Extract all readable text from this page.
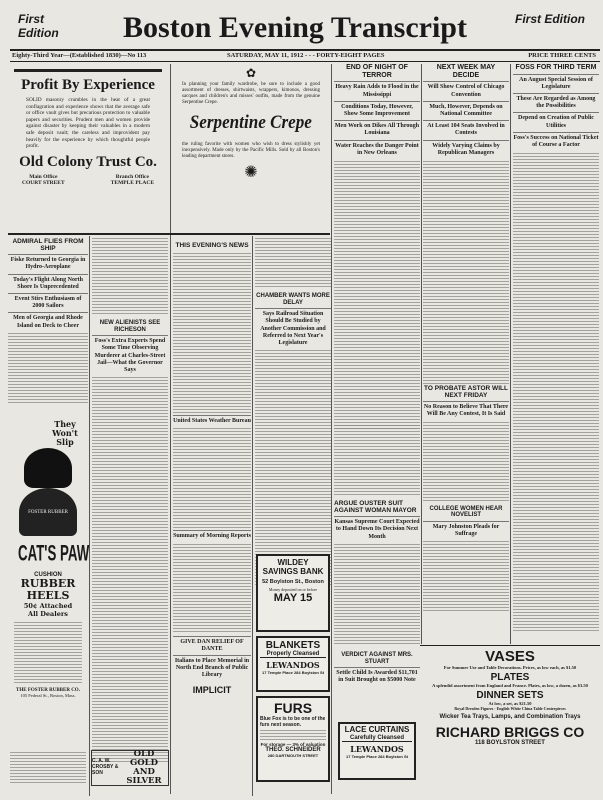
First Edition	Boston Evening Transcript	First Edition
Eighty-Third Year—(Established 1830)—No 113	SATURDAY, MAY 11, 1912 - - - FORTY-EIGHT PAGES	PRICE THREE CENTS
Profit By Experience
SOLID masonry crumbles in the heat of a great conflagration and experience shows that the average safe or office vault gives but precarious protection to valuable papers and securities. Prudent men and women provide against disaster by keeping their valuables in a modern safe deposit vault; the careless and improvident pay heavily for the experience by which thoughtful people profit.
Old Colony Trust Co.
Main Office
COURT STREET
Branch Office
TEMPLE PLACE
✿
In planning your family wardrobe, be sure to include a good assortment of dresses, shirtwaists, wrappers, kimonos, dressing sacques and children's and misses' outfits, made from the genuine Serpentine Crepe.
Serpentine Crepe
the ruling favorite with women who wish to dress stylishly yet inexpensively. Made only by the Pacific Mills. Sold by all Boston's leading department stores.
✺
END OF NIGHT OF TERROR
Heavy Rain Adds to Flood in the Mississippi
Conditions Today, However, Show Some Improvement
Men Work on Dikes All Through Louisiana
Water Reaches the Danger Point in New Orleans
NEXT WEEK MAY DECIDE
Will Show Control of Chicago Convention
Much, However, Depends on National Committee
At Least 104 Seats Involved in Contests
Widely Varying Claims by Republican Managers
FOSS FOR THIRD TERM
An August Special Session of Legislature
These Are Regarded as Among the Possibilities
Depend on Creation of Public Utilities
Foss's Success on National Ticket of Course a Factor
ARGUE OUSTER SUIT AGAINST WOMAN MAYOR
Kansas Supreme Court Expected to Hand Down Its Decision Next Month
VERDICT AGAINST MRS. STUART
Settle Child Is Awarded $11,701 in Suit Brought on $5000 Note
TO PROBATE ASTOR WILL NEXT FRIDAY
No Reason to Believe That There Will Be Any Contest, It Is Said
COLLEGE WOMEN HEAR NOVELIST
Mary Johnston Pleads for Suffrage
ADMIRAL FLIES FROM SHIP
Fiske Returned to Georgia in Hydro-Aeroplane
Today's Flight Along North Shore Is Unprecedented
Event Stirs Enthusiasm of 2000 Sailors
Men of Georgia and Rhode Island on Deck to Cheer	NEW ALIENISTS SEE RICHESON
Foss's Extra Experts Spend Some Time Observing Murderer at Charles-Street Jail—What the Governor Says
THIS EVENING'S NEWS
United States Weather Bureau
Summary of Morning Reports
GIVE DAN RELIEF OF DANTE
Italians to Place Memorial in North End Branch of Public Library
IMPLICIT
CHAMBER WANTS MORE DELAY
Says Railroad Situation Should Be Studied by Another Commission and Referred to Next Year's Legislature
They Won't Slip
FOSTER RUBBER
CAT'S PAW
CUSHION
RUBBER HEELS
50¢ Attached All Dealers
THE FOSTER RUBBER CO.
105 Federal St., Boston, Mass.
C. A. W. CROSBY & SON
OLD GOLD AND SILVER
WILDEY SAVINGS BANK
52 Boylston St., Boston
Money deposited on or before
MAY 15
BLANKETS
Properly Cleansed
LEWANDOS
17 Temple Place 284 Boylston St
FURS
Blue Fox is to be one of the furs next season.
For storage — 3% of valuation
THEO. SCHNEIDER
280 DARTMOUTH STREET
LACE CURTAINS
Carefully Cleansed
LEWANDOS
17 Temple Place 284 Boylston St
VASES
For Summer Use and Table Decorations. Prices, as low each, as $1.50
PLATES
A splendid assortment from England and France. Plates, as low, a dozen, as $3.50
DINNER SETS
At low, a set, as $21.50
Royal Dresden Figures · English White China Table Centerpieces
Wicker Tea Trays, Lamps, and Combination Trays
RICHARD BRIGGS CO
118 BOYLSTON STREET
